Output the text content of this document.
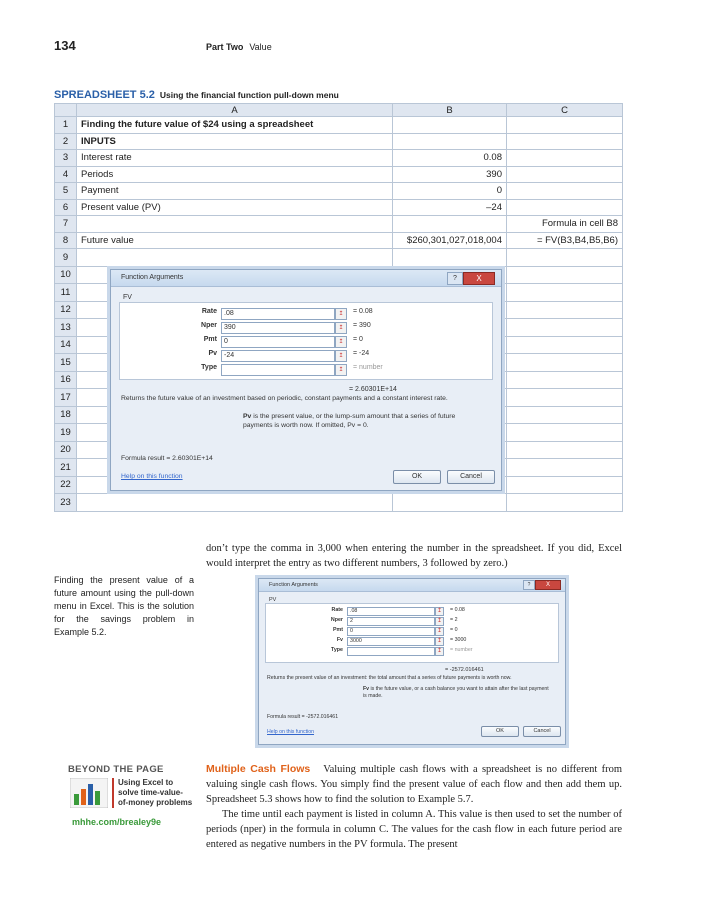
134	Part Two Value
SPREADSHEET 5.2 Using the financial function pull-down menu
	A	B	C
1	Finding the future value of $24 using a spreadsheet		
2	INPUTS		
3	Interest rate	0.08	
4	Periods	390	
5	Payment	0	
6	Present value (PV)	–24	
7			Formula in cell B8
8	Future value	$260,301,027,018,004	= FV(B3,B4,B5,B6)
9			
10			
11			
12			
13			
14			
15			
16			
17			
18			
19			
20			
21			
22			
23			
Function Arguments	?	X
FV
Rate	.08	↥	= 0.08
Nper	390	↥	= 390
Pmt	0	↥	= 0
Pv	-24	↥	= -24
Type	↥	= number
= 2.60301E+14
Returns the future value of an investment based on periodic, constant payments and a constant interest rate.
Pv is the present value, or the lump-sum amount that a series of future payments is worth now. If omitted, Pv = 0.
Formula result = 2.60301E+14
Help on this function	OK	Cancel
don’t type the comma in 3,000 when entering the number in the spreadsheet. If you did, Excel would interpret the entry as two different numbers, 3 followed by zero.)
Finding the present value of a future amount using the pull-down menu in Excel. This is the solution for the savings problem in Example 5.2.
Function Arguments	?	X
PV
Rate	.08	↥	= 0.08
Nper	2	↥	= 2
Pmt	0	↥	= 0
Fv	3000	↥	= 3000
Type	↥	= number
= -2572.016461
Returns the present value of an investment: the total amount that a series of future payments is worth now.
Fv is the future value, or a cash balance you want to attain after the last payment is made.
Formula result = -2572.016461
Help on this function	OK	Cancel
BEYOND THE PAGE
Using Excel to
solve time-value-
of-money problems
mhhe.com/brealey9e
Multiple Cash Flows Valuing multiple cash flows with a spreadsheet is no different from valuing single cash flows. You simply find the present value of each flow and then add them up. Spreadsheet 5.3 shows how to find the solution to Example 5.7.
The time until each payment is listed in column A. This value is then used to set the number of periods (nper) in the formula in column C. The values for the cash flow in each future period are entered as negative numbers in the PV formula. The present
